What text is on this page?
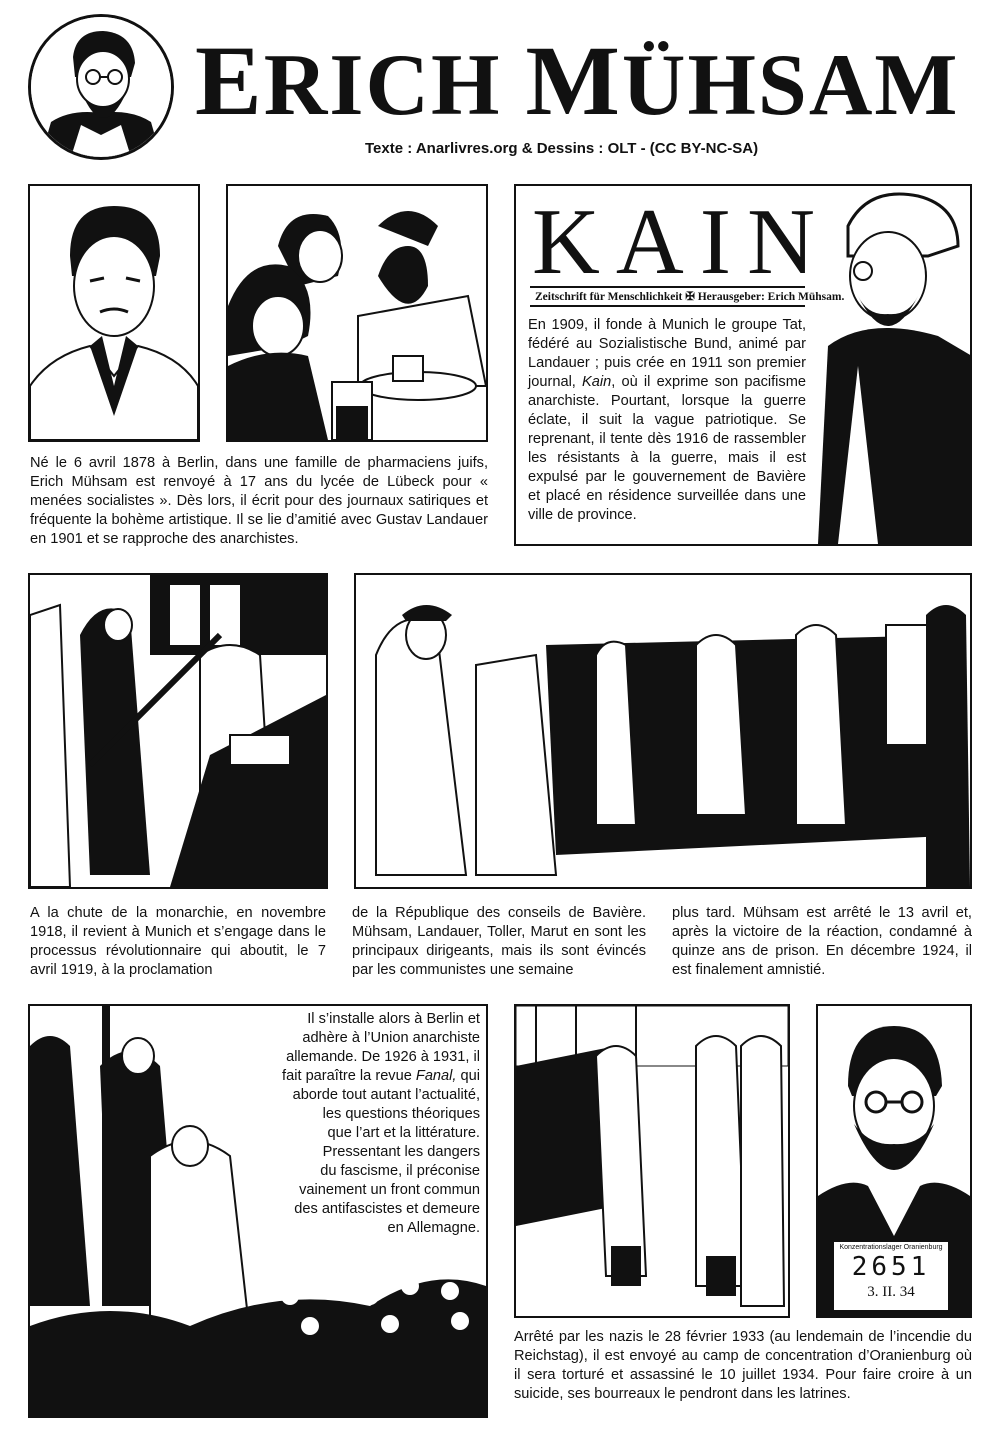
ERICH MÜHSAM
Texte : Anarlivres.org & Dessins : OLT - (CC BY-NC-SA)
Né le 6 avril 1878 à Berlin, dans une famille de pharmaciens juifs, Erich Mühsam est renvoyé à 17 ans du lycée de Lübeck pour « menées socialistes ». Dès lors, il écrit pour des journaux satiriques et fréquente la bohème artistique. Il se lie d’amitié avec Gustav Landauer en 1901 et se rapproche des anarchistes.
KAIN
Zeitschrift für Menschlichkeit ✠ Herausgeber: Erich Mühsam.
En 1909, il fonde à Munich le groupe Tat, fédéré au Sozialistische Bund, animé par Landauer ; puis crée en 1911 son premier journal, Kain, où il exprime son pacifisme anarchiste. Pourtant, lorsque la guerre éclate, il suit la vague patriotique. Se reprenant, il tente dès 1916 de rassembler les résistants à la guerre, mais il est expulsé par le gouvernement de Bavière et placé en résidence surveillée dans une ville de province.
A la chute de la monarchie, en novembre 1918, il revient à Munich et s’engage dans le processus révolutionnaire qui aboutit, le 7 avril 1919, à la proclamation
de la République des conseils de Bavière. Mühsam, Landauer, Toller, Marut en sont les principaux dirigeants, mais ils sont évincés par les communistes une semaine
plus tard. Mühsam est arrêté le 13 avril et, après la victoire de la réaction, condamné à quinze ans de prison. En décembre 1924, il est finalement amnistié.
Il s’installe alors à Berlin et
adhère à l’Union anarchiste
allemande. De 1926 à 1931, il
fait paraître la revue Fanal, qui
aborde tout autant l’actualité,
les questions théoriques
que l’art et la littérature.
Pressentant les dangers
du fascisme, il préconise
vainement un front commun
des antifascistes et demeure
en Allemagne.
Konzentrationslager Oranienburg
2651
3. II. 34
Arrêté par les nazis le 28 février 1933 (au lendemain de l’incendie du Reichstag), il est envoyé au camp de concentration d’Oranienburg où il sera torturé et assassiné le 10 juillet 1934. Pour faire croire à un suicide, ses bourreaux le pendront dans les latrines.
